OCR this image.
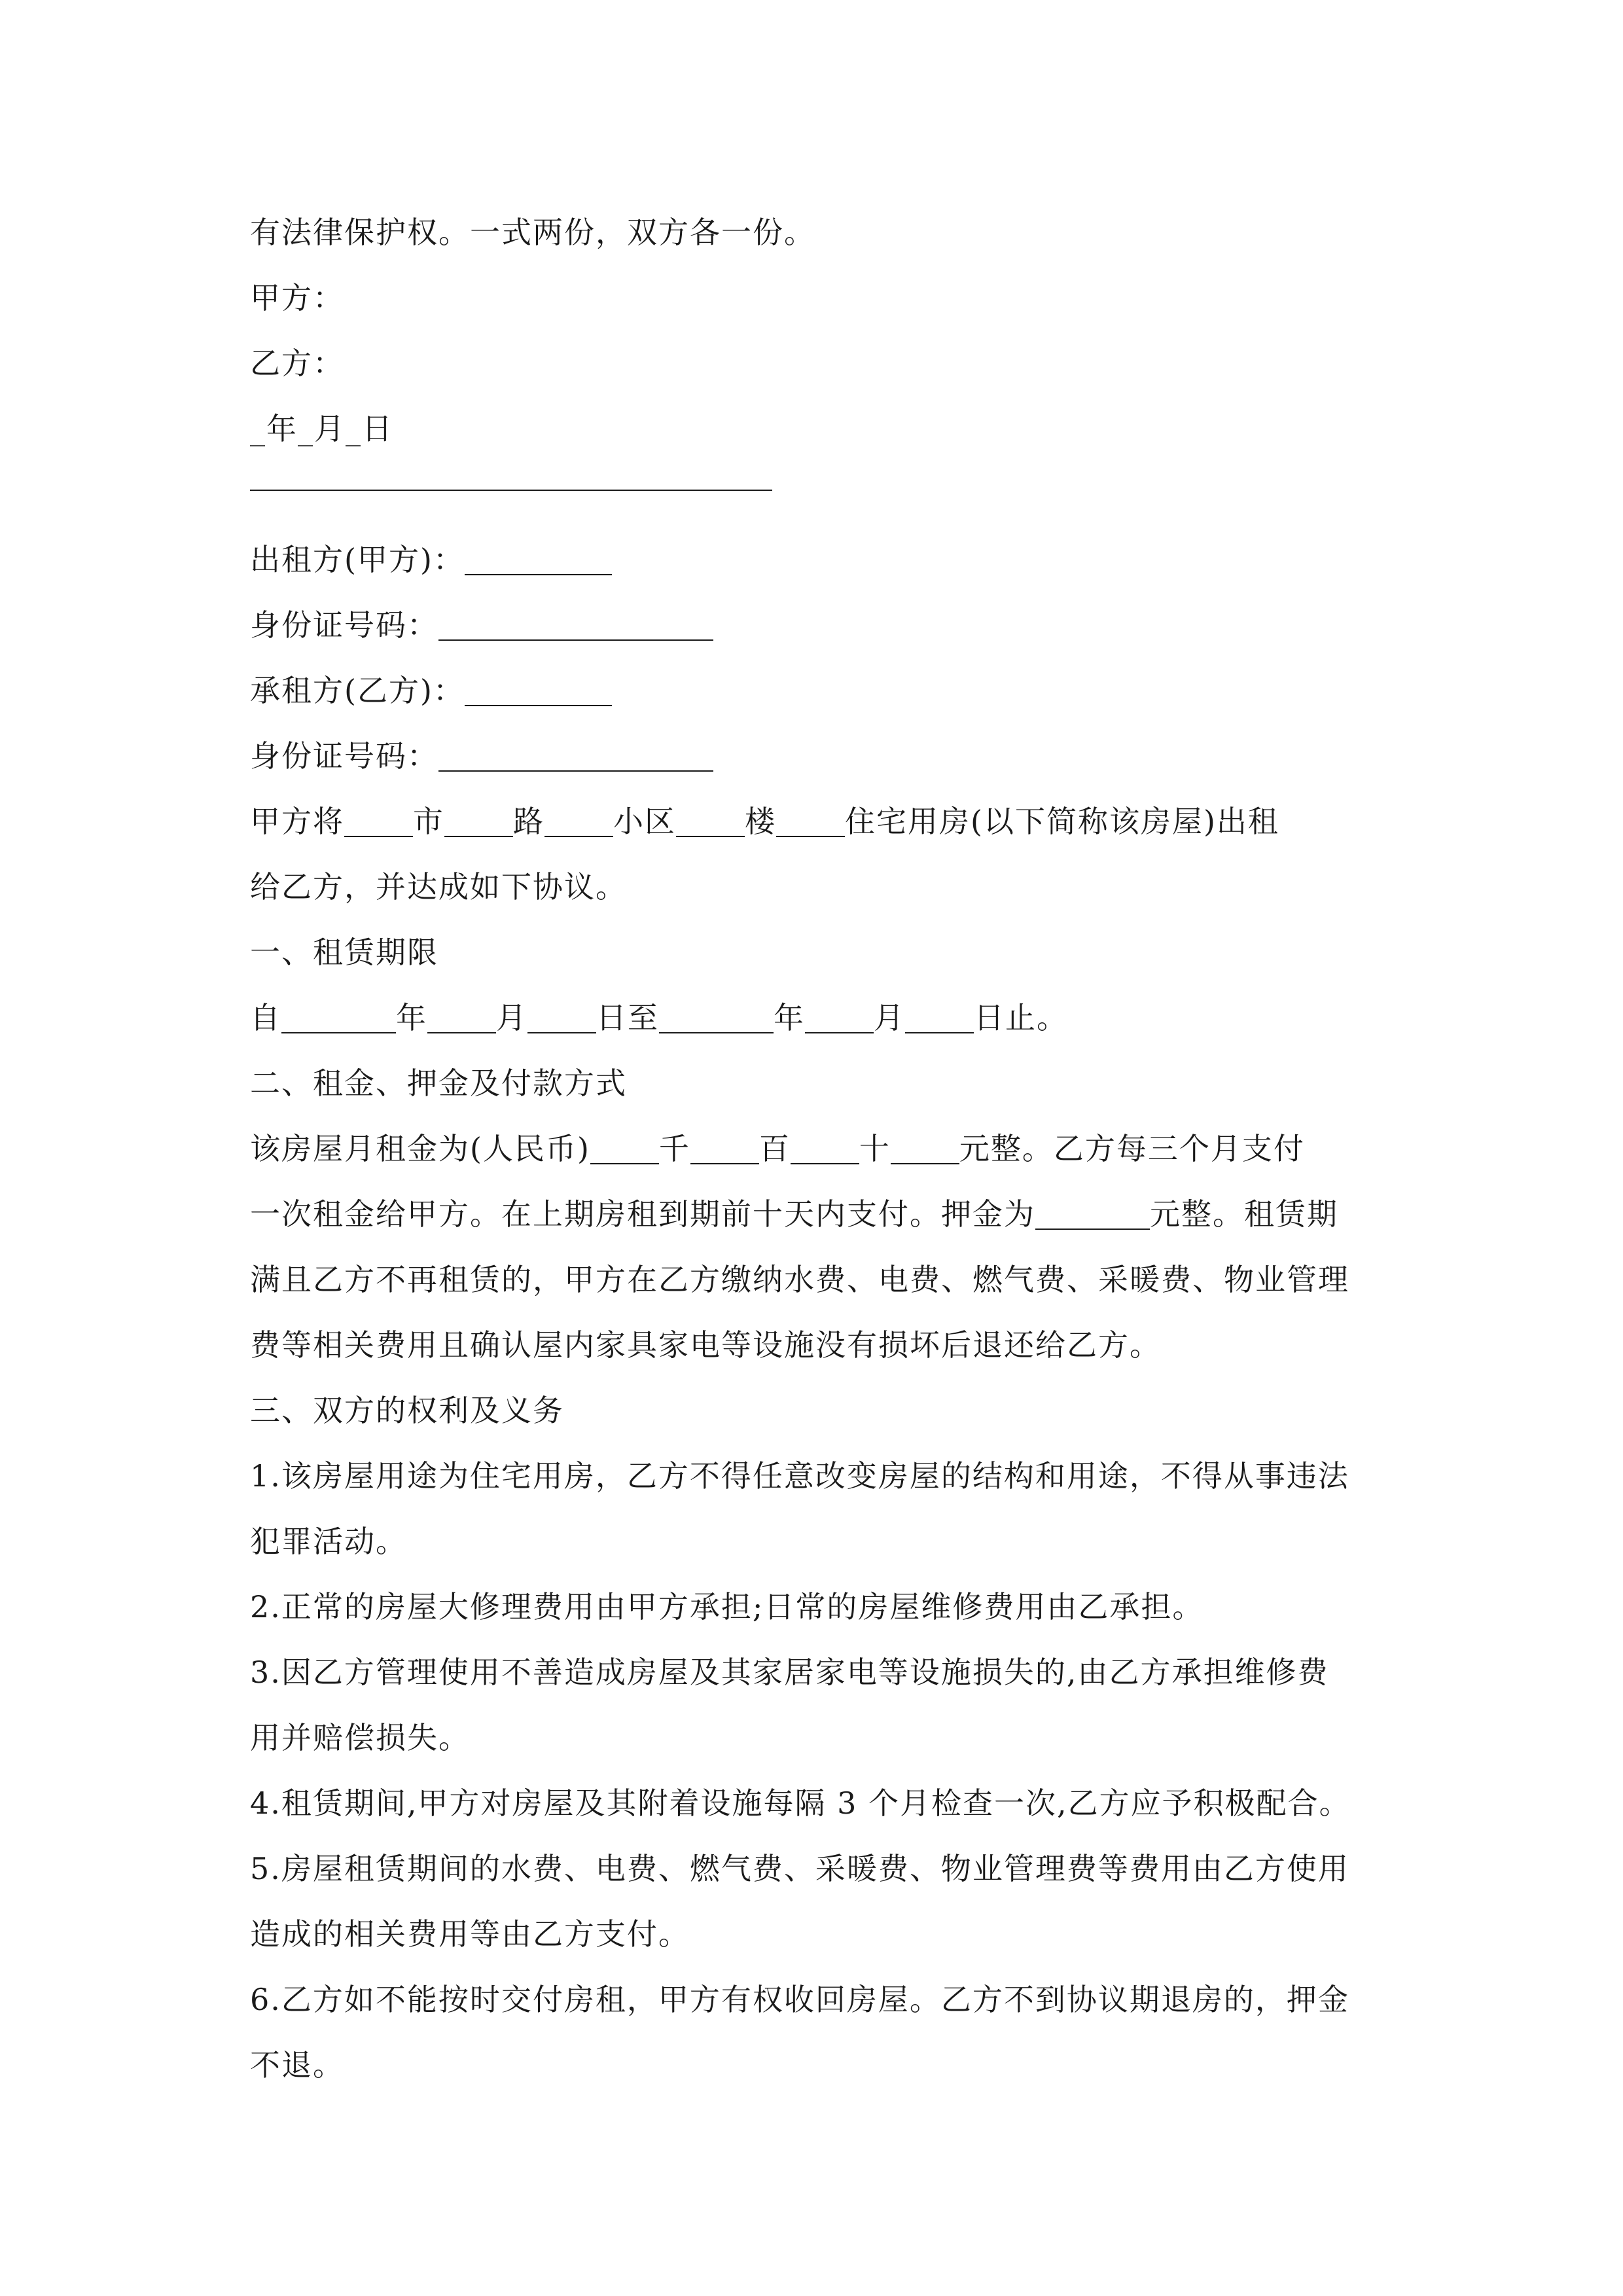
有法律保护权。一式两份，双方各一份。
甲方：
乙方：
_年_月_日
出租方(甲方)：
身份证号码：
承租方(乙方)：
身份证号码：
甲方将 市 路 小区 楼 住宅用房(以下简称该房屋)出租
给乙方，并达成如下协议。
一、租赁期限
自	年 月 日至	年 月 日止。
二、租金、押金及付款方式
该房屋月租金为(人民币) 千 百 十 元整。乙方每三个月支付
一次租金给甲方。在上期房租到期前十天内支付。押金为	元整。租赁期
满且乙方不再租赁的，甲方在乙方缴纳水费、电费、燃气费、采暖费、物业管理
费等相关费用且确认屋内家具家电等设施没有损坏后退还给乙方。
三、双方的权利及义务
1.该房屋用途为住宅用房，乙方不得任意改变房屋的结构和用途，不得从事违法
犯罪活动。
2.正常的房屋大修理费用由甲方承担;日常的房屋维修费用由乙承担。
3.因乙方管理使用不善造成房屋及其家居家电等设施损失的,由乙方承担维修费
用并赔偿损失。
4.租赁期间,甲方对房屋及其附着设施每隔 3 个月检查一次,乙方应予积极配合。
5.房屋租赁期间的水费、电费、燃气费、采暖费、物业管理费等费用由乙方使用
造成的相关费用等由乙方支付。
6.乙方如不能按时交付房租，甲方有权收回房屋。乙方不到协议期退房的，押金
不退。
